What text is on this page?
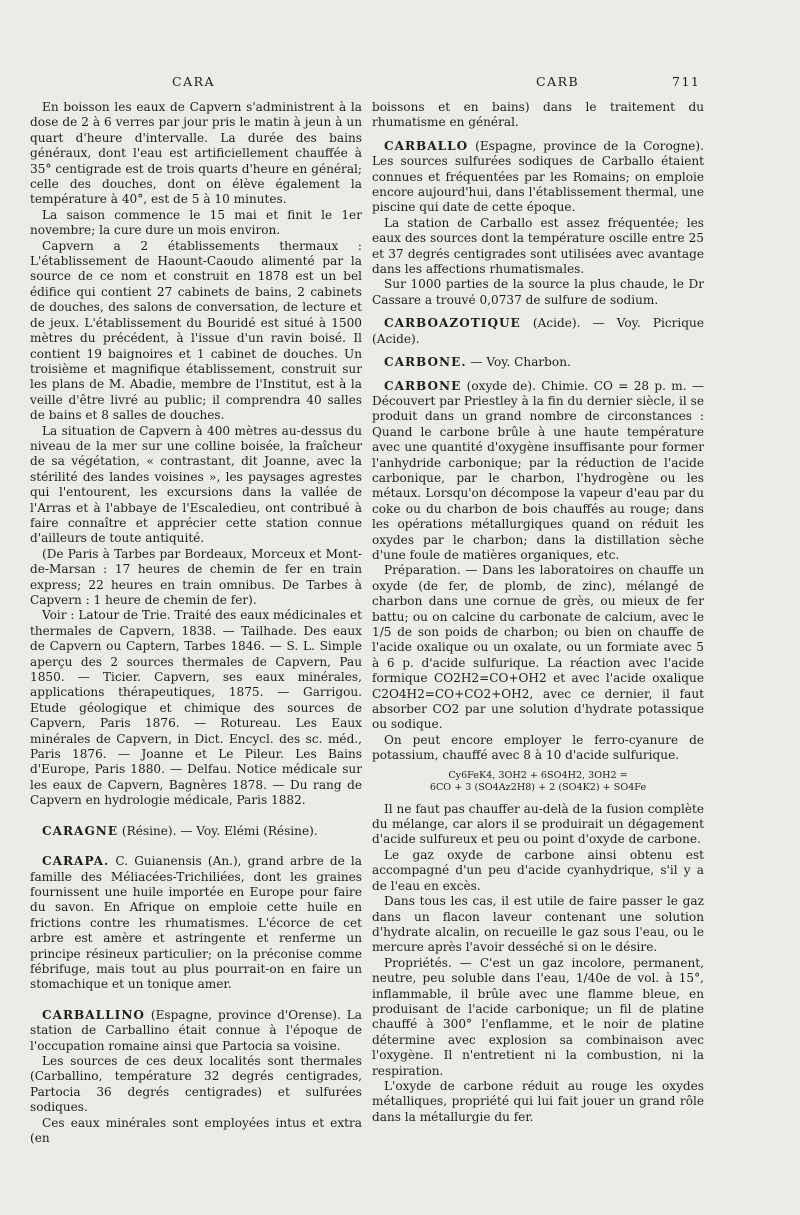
CARA	CARB	711

En boisson les eaux de Capvern s'administrent à la dose de 2 à 6 verres par jour pris le matin à jeun à un quart d'heure d'intervalle. La durée des bains généraux, dont l'eau est artificiellement chauffée à 35° centigrade est de trois quarts d'heure en général; celle des douches, dont on élève également la température à 40°, est de 5 à 10 minutes.

La saison commence le 15 mai et finit le 1er novembre; la cure dure un mois environ.

Capvern a 2 établissements thermaux : L'établissement de Haount-Caoudo alimenté par la source de ce nom et construit en 1878 est un bel édifice qui contient 27 cabinets de bains, 2 cabinets de douches, des salons de conversation, de lecture et de jeux. L'établissement du Bouridé est situé à 1500 mètres du précédent, à l'issue d'un ravin boisé. Il contient 19 baignoires et 1 cabinet de douches. Un troisième et magnifique établissement, construit sur les plans de M. Abadie, membre de l'Institut, est à la veille d'être livré au public; il comprendra 40 salles de bains et 8 salles de douches.

La situation de Capvern à 400 mètres au-dessus du niveau de la mer sur une colline boisée, la fraîcheur de sa végétation, « contrastant, dit Joanne, avec la stérilité des landes voisines », les paysages agrestes qui l'entourent, les excursions dans la vallée de l'Arras et à l'abbaye de l'Escaledieu, ont contribué à faire connaître et apprécier cette station connue d'ailleurs de toute antiquité.

(De Paris à Tarbes par Bordeaux, Morceux et Mont-de-Marsan : 17 heures de chemin de fer en train express; 22 heures en train omnibus. De Tarbes à Capvern : 1 heure de chemin de fer).

Voir : Latour de Trie. Traité des eaux médicinales et thermales de Capvern, 1838. — Tailhade. Des eaux de Capvern ou Captern, Tarbes 1846. — S. L. Simple aperçu des 2 sources thermales de Capvern, Pau 1850. — Ticier. Capvern, ses eaux minérales, applications thérapeutiques, 1875. — Garrigou. Etude géologique et chimique des sources de Capvern, Paris 1876. — Rotureau. Les Eaux minérales de Capvern, in Dict. Encycl. des sc. méd., Paris 1876. — Joanne et Le Pileur. Les Bains d'Europe, Paris 1880. — Delfau. Notice médicale sur les eaux de Capvern, Bagnères 1878. — Du rang de Capvern en hydrologie médicale, Paris 1882.

CARAGNE (Résine). — Voy. Elémi (Résine).

CARAPA. C. Guianensis (An.), grand arbre de la famille des Méliacées-Trichiliées, dont les graines fournissent une huile importée en Europe pour faire du savon. En Afrique on emploie cette huile en frictions contre les rhumatismes. L'écorce de cet arbre est amère et astringente et renferme un principe résineux particulier; on la préconise comme fébrifuge, mais tout au plus pourrait-on en faire un stomachique et un tonique amer.

CARBALLINO (Espagne, province d'Orense). La station de Carballino était connue à l'époque de l'occupation romaine ainsi que Partocia sa voisine.

Les sources de ces deux localités sont thermales (Carballino, température 32 degrés centigrades, Partocia 36 degrés centigrades) et sulfurées sodiques.

Ces eaux minérales sont employées intus et extra (en

boissons et en bains) dans le traitement du rhumatisme en général.

CARBALLO (Espagne, province de la Corogne). Les sources sulfurées sodiques de Carballo étaient connues et fréquentées par les Romains; on emploie encore aujourd'hui, dans l'établissement thermal, une piscine qui date de cette époque.

La station de Carballo est assez fréquentée; les eaux des sources dont la température oscille entre 25 et 37 degrés centigrades sont utilisées avec avantage dans les affections rhumatismales.

Sur 1000 parties de la source la plus chaude, le Dr Cassare a trouvé 0,0737 de sulfure de sodium.

CARBOAZOTIQUE (Acide). — Voy. Picrique (Acide).

CARBONE. — Voy. Charbon.

CARBONE (oxyde de). Chimie. CO = 28 p. m. — Découvert par Priestley à la fin du dernier siècle, il se produit dans un grand nombre de circonstances : Quand le carbone brûle à une haute température avec une quantité d'oxygène insuffisante pour former l'anhydride carbonique; par la réduction de l'acide carbonique, par le charbon, l'hydrogène ou les métaux. Lorsqu'on décompose la vapeur d'eau par du coke ou du charbon de bois chauffés au rouge; dans les opérations métallurgiques quand on réduit les oxydes par le charbon; dans la distillation sèche d'une foule de matières organiques, etc.

Préparation. — Dans les laboratoires on chauffe un oxyde (de fer, de plomb, de zinc), mélangé de charbon dans une cornue de grès, ou mieux de fer battu; ou on calcine du carbonate de calcium, avec le 1/5 de son poids de charbon; ou bien on chauffe de l'acide oxalique ou un oxalate, ou un formiate avec 5 à 6 p. d'acide sulfurique. La réaction avec l'acide formique CO2H2=CO+OH2 et avec l'acide oxalique C2O4H2=CO+CO2+OH2, avec ce dernier, il faut absorber CO2 par une solution d'hydrate potassique ou sodique.

On peut encore employer le ferro-cyanure de potassium, chauffé avec 8 à 10 d'acide sulfurique.

Cy6FeK4, 3OH2 + 6SO4H2, 3OH2 =
6CO + 3 (SO4Az2H8) + 2 (SO4K2) + SO4Fe

Il ne faut pas chauffer au-delà de la fusion complète du mélange, car alors il se produirait un dégagement d'acide sulfureux et peu ou point d'oxyde de carbone.

Le gaz oxyde de carbone ainsi obtenu est accompagné d'un peu d'acide cyanhydrique, s'il y a de l'eau en excès.

Dans tous les cas, il est utile de faire passer le gaz dans un flacon laveur contenant une solution d'hydrate alcalin, on recueille le gaz sous l'eau, ou le mercure après l'avoir desséché si on le désire.

Propriétés. — C'est un gaz incolore, permanent, neutre, peu soluble dans l'eau, 1/40e de vol. à 15°, inflammable, il brûle avec une flamme bleue, en produisant de l'acide carbonique; un fil de platine chauffé à 300° l'enflamme, et le noir de platine détermine avec explosion sa combinaison avec l'oxygène. Il n'entretient ni la combustion, ni la respiration.

L'oxyde de carbone réduit au rouge les oxydes métalliques, propriété qui lui fait jouer un grand rôle dans la métallurgie du fer.
